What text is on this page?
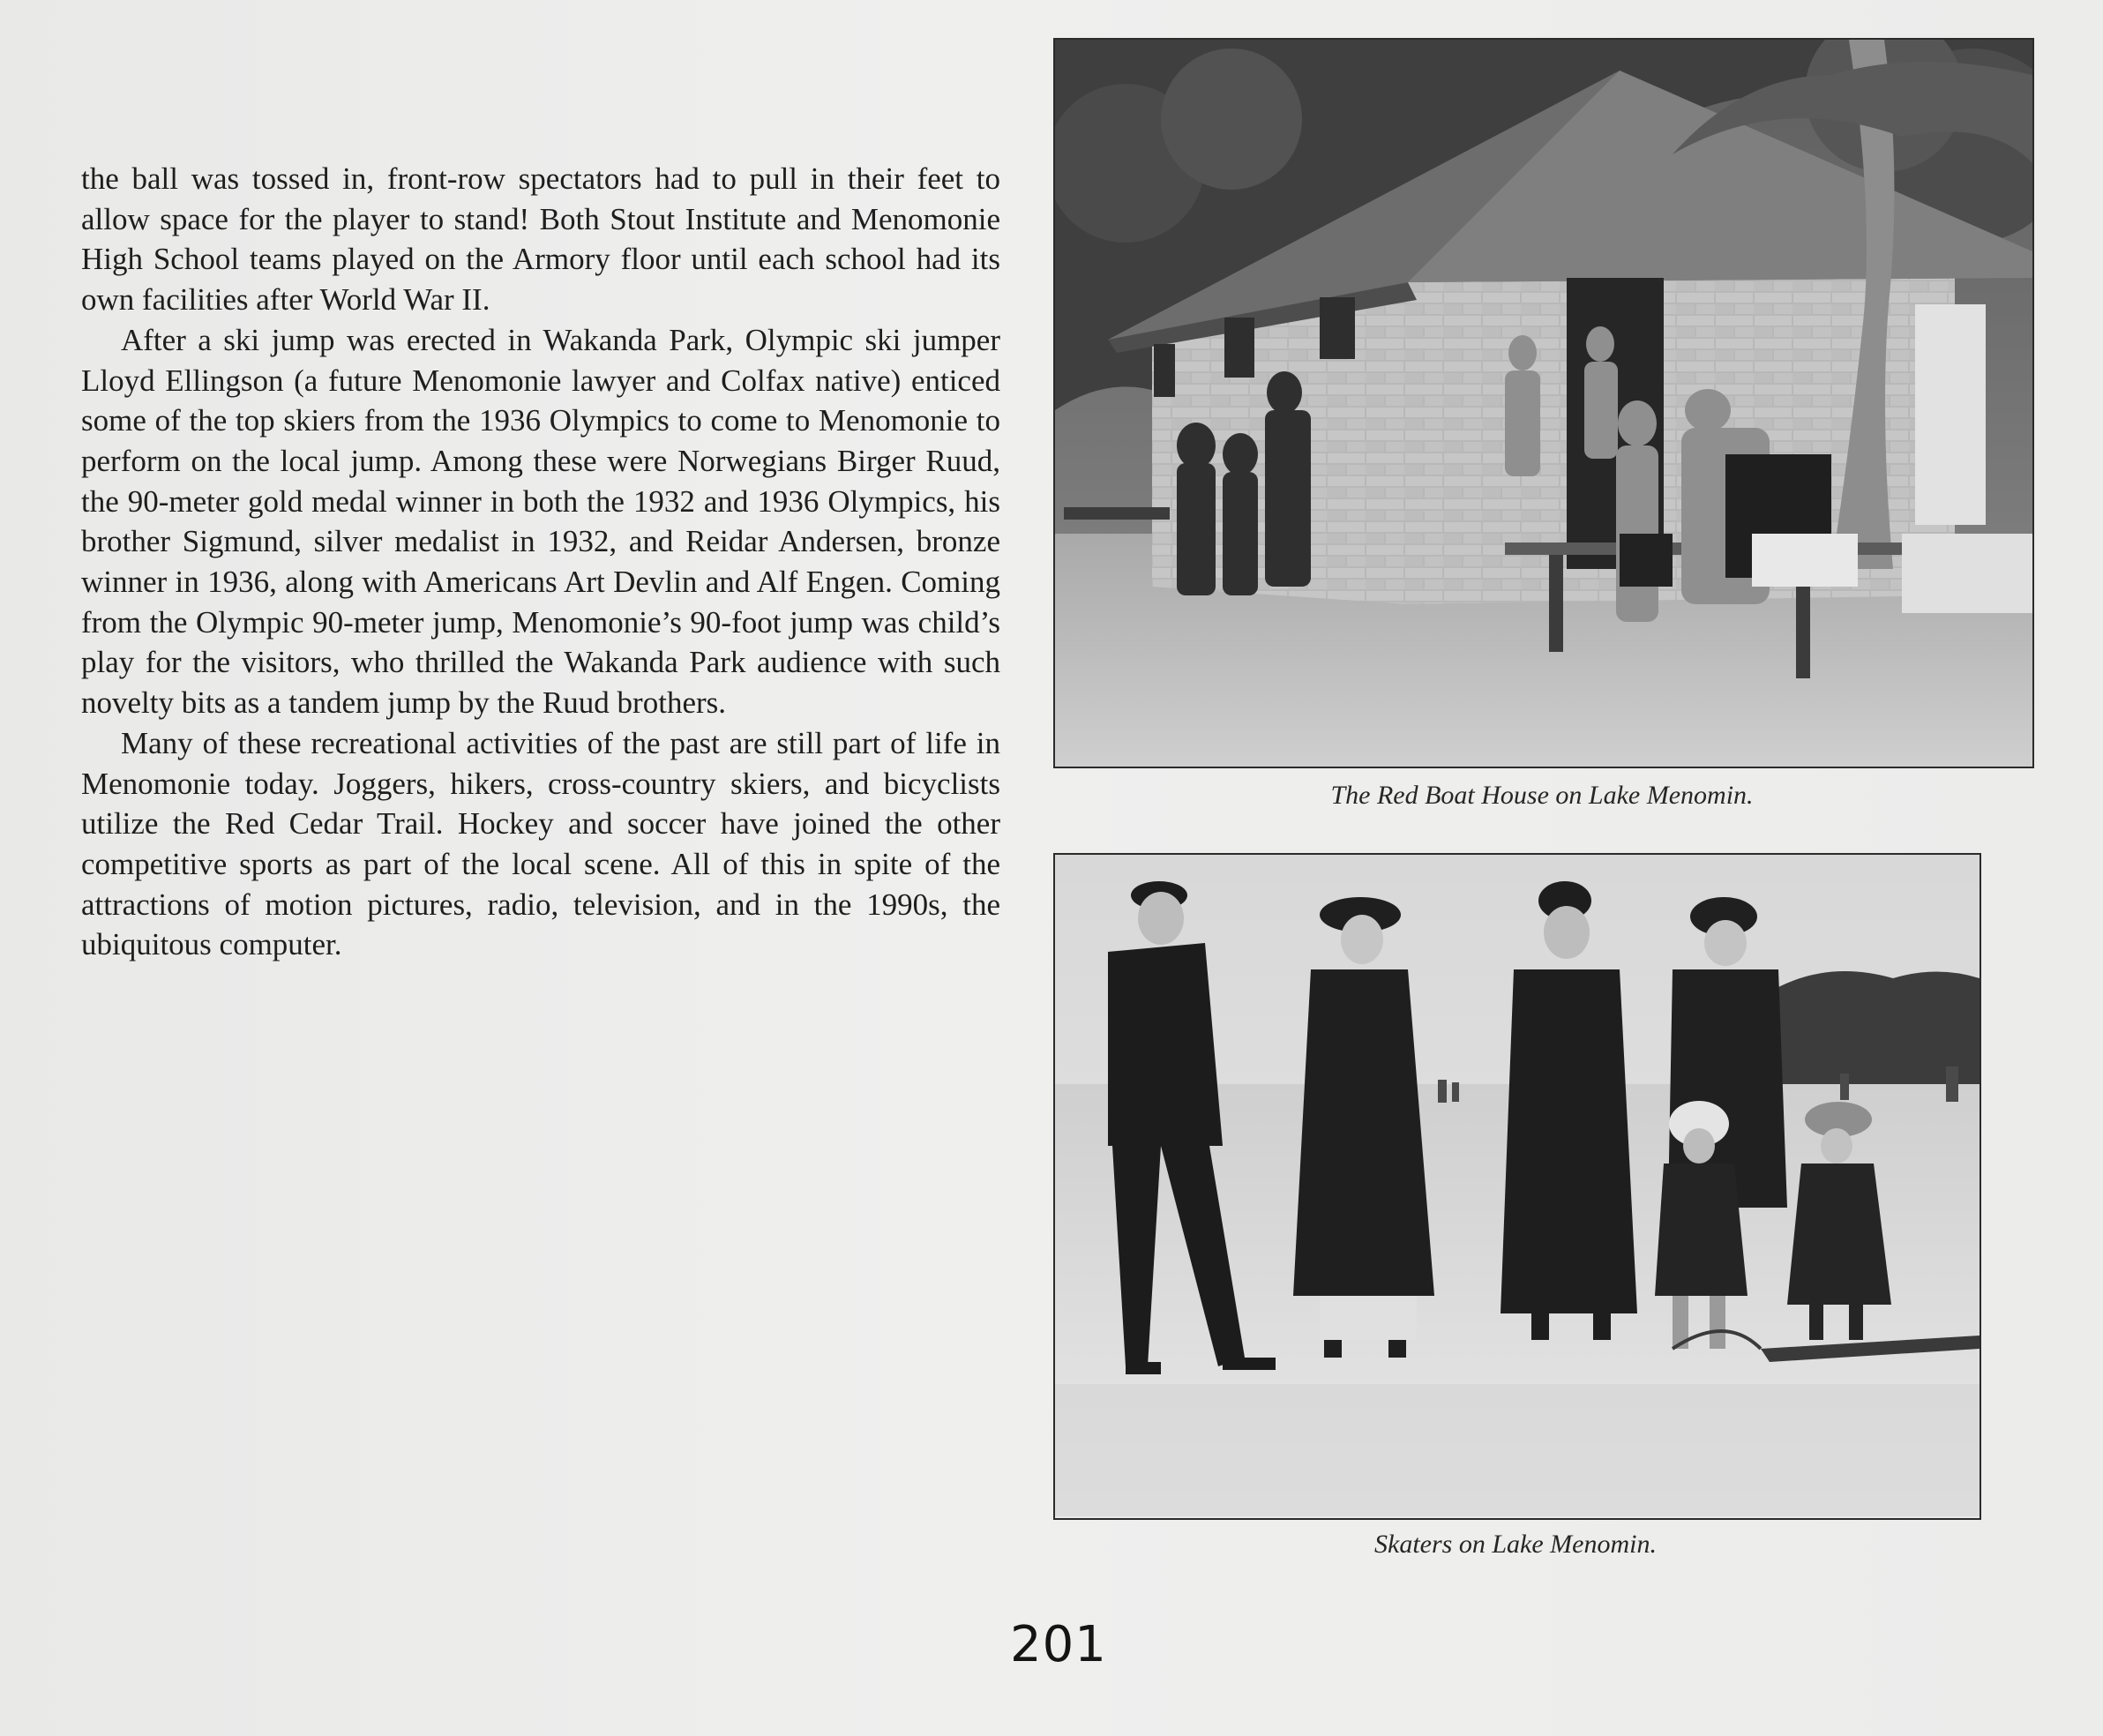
the ball was tossed in, front-row spectators had to pull in their feet to allow space for the player to stand! Both Stout Institute and Menomonie High School teams played on the Armory floor until each school had its own facilities after World War II.

After a ski jump was erected in Wakanda Park, Olympic ski jumper Lloyd Ellingson (a future Menomonie lawyer and Colfax native) enticed some of the top skiers from the 1936 Olympics to come to Menomonie to perform on the local jump. Among these were Norwegians Birger Ruud, the 90-meter gold medal winner in both the 1932 and 1936 Olympics, his brother Sigmund, silver medalist in 1932, and Reidar Andersen, bronze winner in 1936, along with Americans Art Devlin and Alf Engen. Coming from the Olympic 90-meter jump, Menomonie’s 90-foot jump was child’s play for the visitors, who thrilled the Wakanda Park audience with such novelty bits as a tandem jump by the Ruud brothers.

Many of these recreational activities of the past are still part of life in Menomonie today. Joggers, hikers, cross-country skiers, and bicyclists utilize the Red Cedar Trail. Hockey and soccer have joined the other competitive sports as part of the local scene. All of this in spite of the attractions of motion pictures, radio, television, and in the 1990s, the ubiquitous computer.

The Red Boat House on Lake Menomin.
Skaters on Lake Menomin.
201
